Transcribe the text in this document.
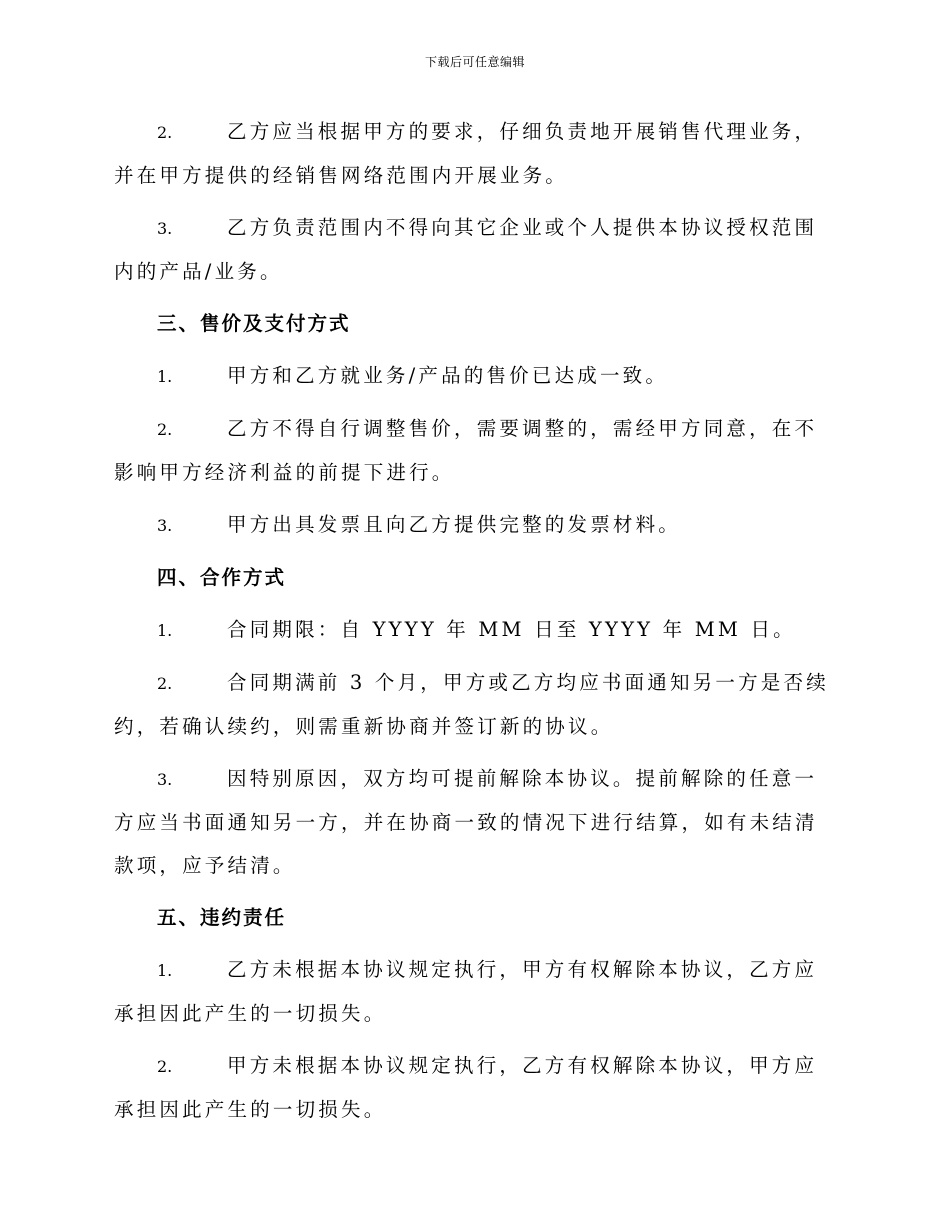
下载后可任意编辑
2.	乙方应当根据甲方的要求，仔细负责地开展销售代理业务，并在甲方提供的经销售网络范围内开展业务。
3.	乙方负责范围内不得向其它企业或个人提供本协议授权范围内的产品/业务。
三、售价及支付方式
1.	甲方和乙方就业务/产品的售价已达成一致。
2.	乙方不得自行调整售价，需要调整的，需经甲方同意，在不影响甲方经济利益的前提下进行。
3.	甲方出具发票且向乙方提供完整的发票材料。
四、合作方式
1.	合同期限：自 YYYY 年 MM 日至 YYYY 年 MM 日。
2.	合同期满前 3 个月，甲方或乙方均应书面通知另一方是否续约，若确认续约，则需重新协商并签订新的协议。
3.	因特别原因，双方均可提前解除本协议。提前解除的任意一方应当书面通知另一方，并在协商一致的情况下进行结算，如有未结清款项，应予结清。
五、违约责任
1.	乙方未根据本协议规定执行，甲方有权解除本协议，乙方应承担因此产生的一切损失。
2.	甲方未根据本协议规定执行，乙方有权解除本协议，甲方应承担因此产生的一切损失。
